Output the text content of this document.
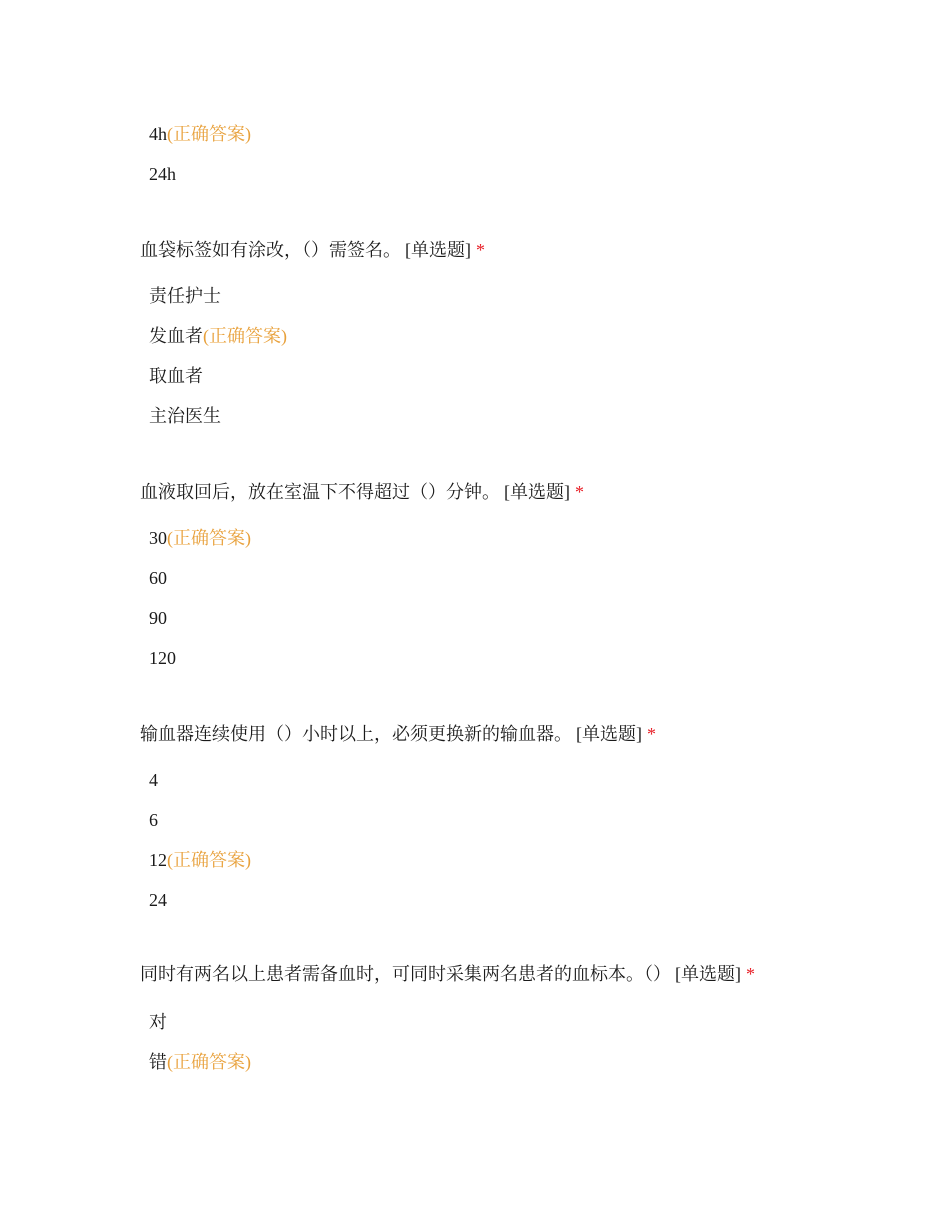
4h(正确答案)
24h
血袋标签如有涂改，（）需签名。 [单选题] *
责任护士
发血者(正确答案)
取血者
主治医生
血液取回后，放在室温下不得超过（）分钟。 [单选题] *
30(正确答案)
60
90
120
输血器连续使用（）小时以上，必须更换新的输血器。 [单选题] *
4
6
12(正确答案)
24
同时有两名以上患者需备血时，可同时采集两名患者的血标本。（） [单选题] *
对
错(正确答案)
